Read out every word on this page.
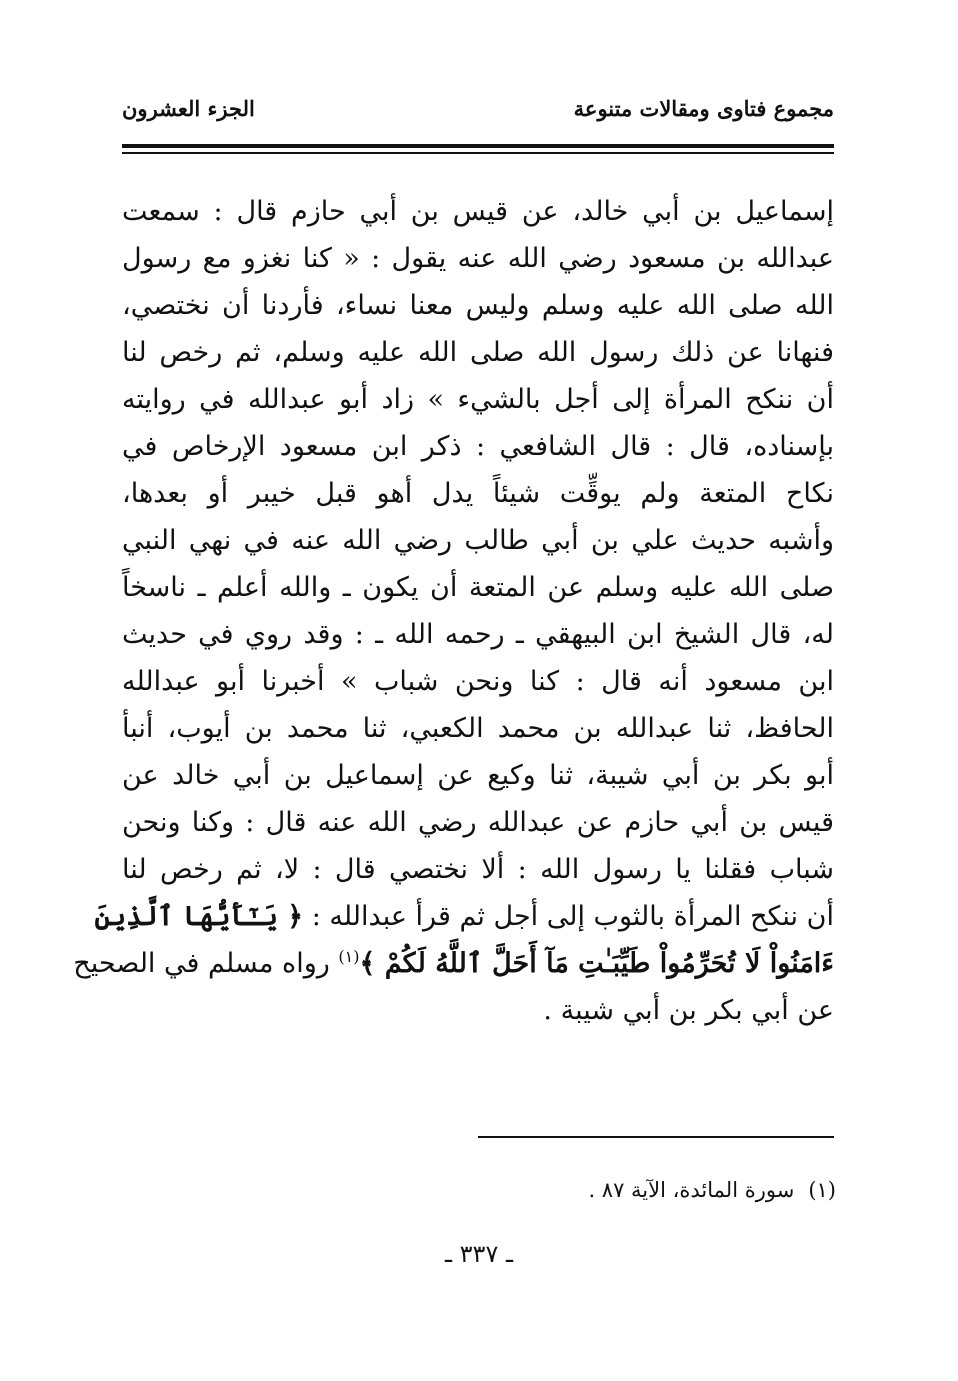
مجموع فتاوى ومقالات متنوعة
الجزء العشرون
إسماعيل بن أبي خالد، عن قيس بن أبي حازم قال : سمعت
عبدالله بن مسعود رضي الله عنه يقول : « كنا نغزو مع رسول
الله صلى الله عليه وسلم وليس معنا نساء، فأردنا أن نختصي،
فنهانا عن ذلك رسول الله صلى الله عليه وسلم، ثم رخص لنا
أن ننكح المرأة إلى أجل بالشيء » زاد أبو عبدالله في روايته
بإسناده، قال : قال الشافعي : ذكر ابن مسعود الإرخاص في
نكاح المتعة ولم يوقِّت شيئاً يدل أهو قبل خيبر أو بعدها،
وأشبه حديث علي بن أبي طالب رضي الله عنه في نهي النبي
صلى الله عليه وسلم عن المتعة أن يكون ـ والله أعلم ـ ناسخاً
له، قال الشيخ ابن البيهقي ـ رحمه الله ـ : وقد روي في حديث
ابن مسعود أنه قال : كنا ونحن شباب » أخبرنا أبو عبدالله
الحافظ، ثنا عبدالله بن محمد الكعبي، ثنا محمد بن أيوب، أنبأ
أبو بكر بن أبي شيبة، ثنا وكيع عن إسماعيل بن أبي خالد عن
قيس بن أبي حازم عن عبدالله رضي الله عنه قال : وكنا ونحن
شباب فقلنا يا رسول الله : ألا نختصي قال : لا، ثم رخص لنا
أن ننكح المرأة بالثوب إلى أجل ثم قرأ عبدالله : ﴿ يَـٰٓأَيُّهَا ٱلَّذِينَ
ءَامَنُواْ لَا تُحَرِّمُواْ طَيِّبَـٰتِ مَآ أَحَلَّ ٱللَّهُ لَكُمْ ﴾$^{(١)}$ رواه مسلم في الصحيح
عن أبي بكر بن أبي شيبة .
(١)سورة المائدة، الآية ٨٧ .
ـ ٣٣٧ ـ
